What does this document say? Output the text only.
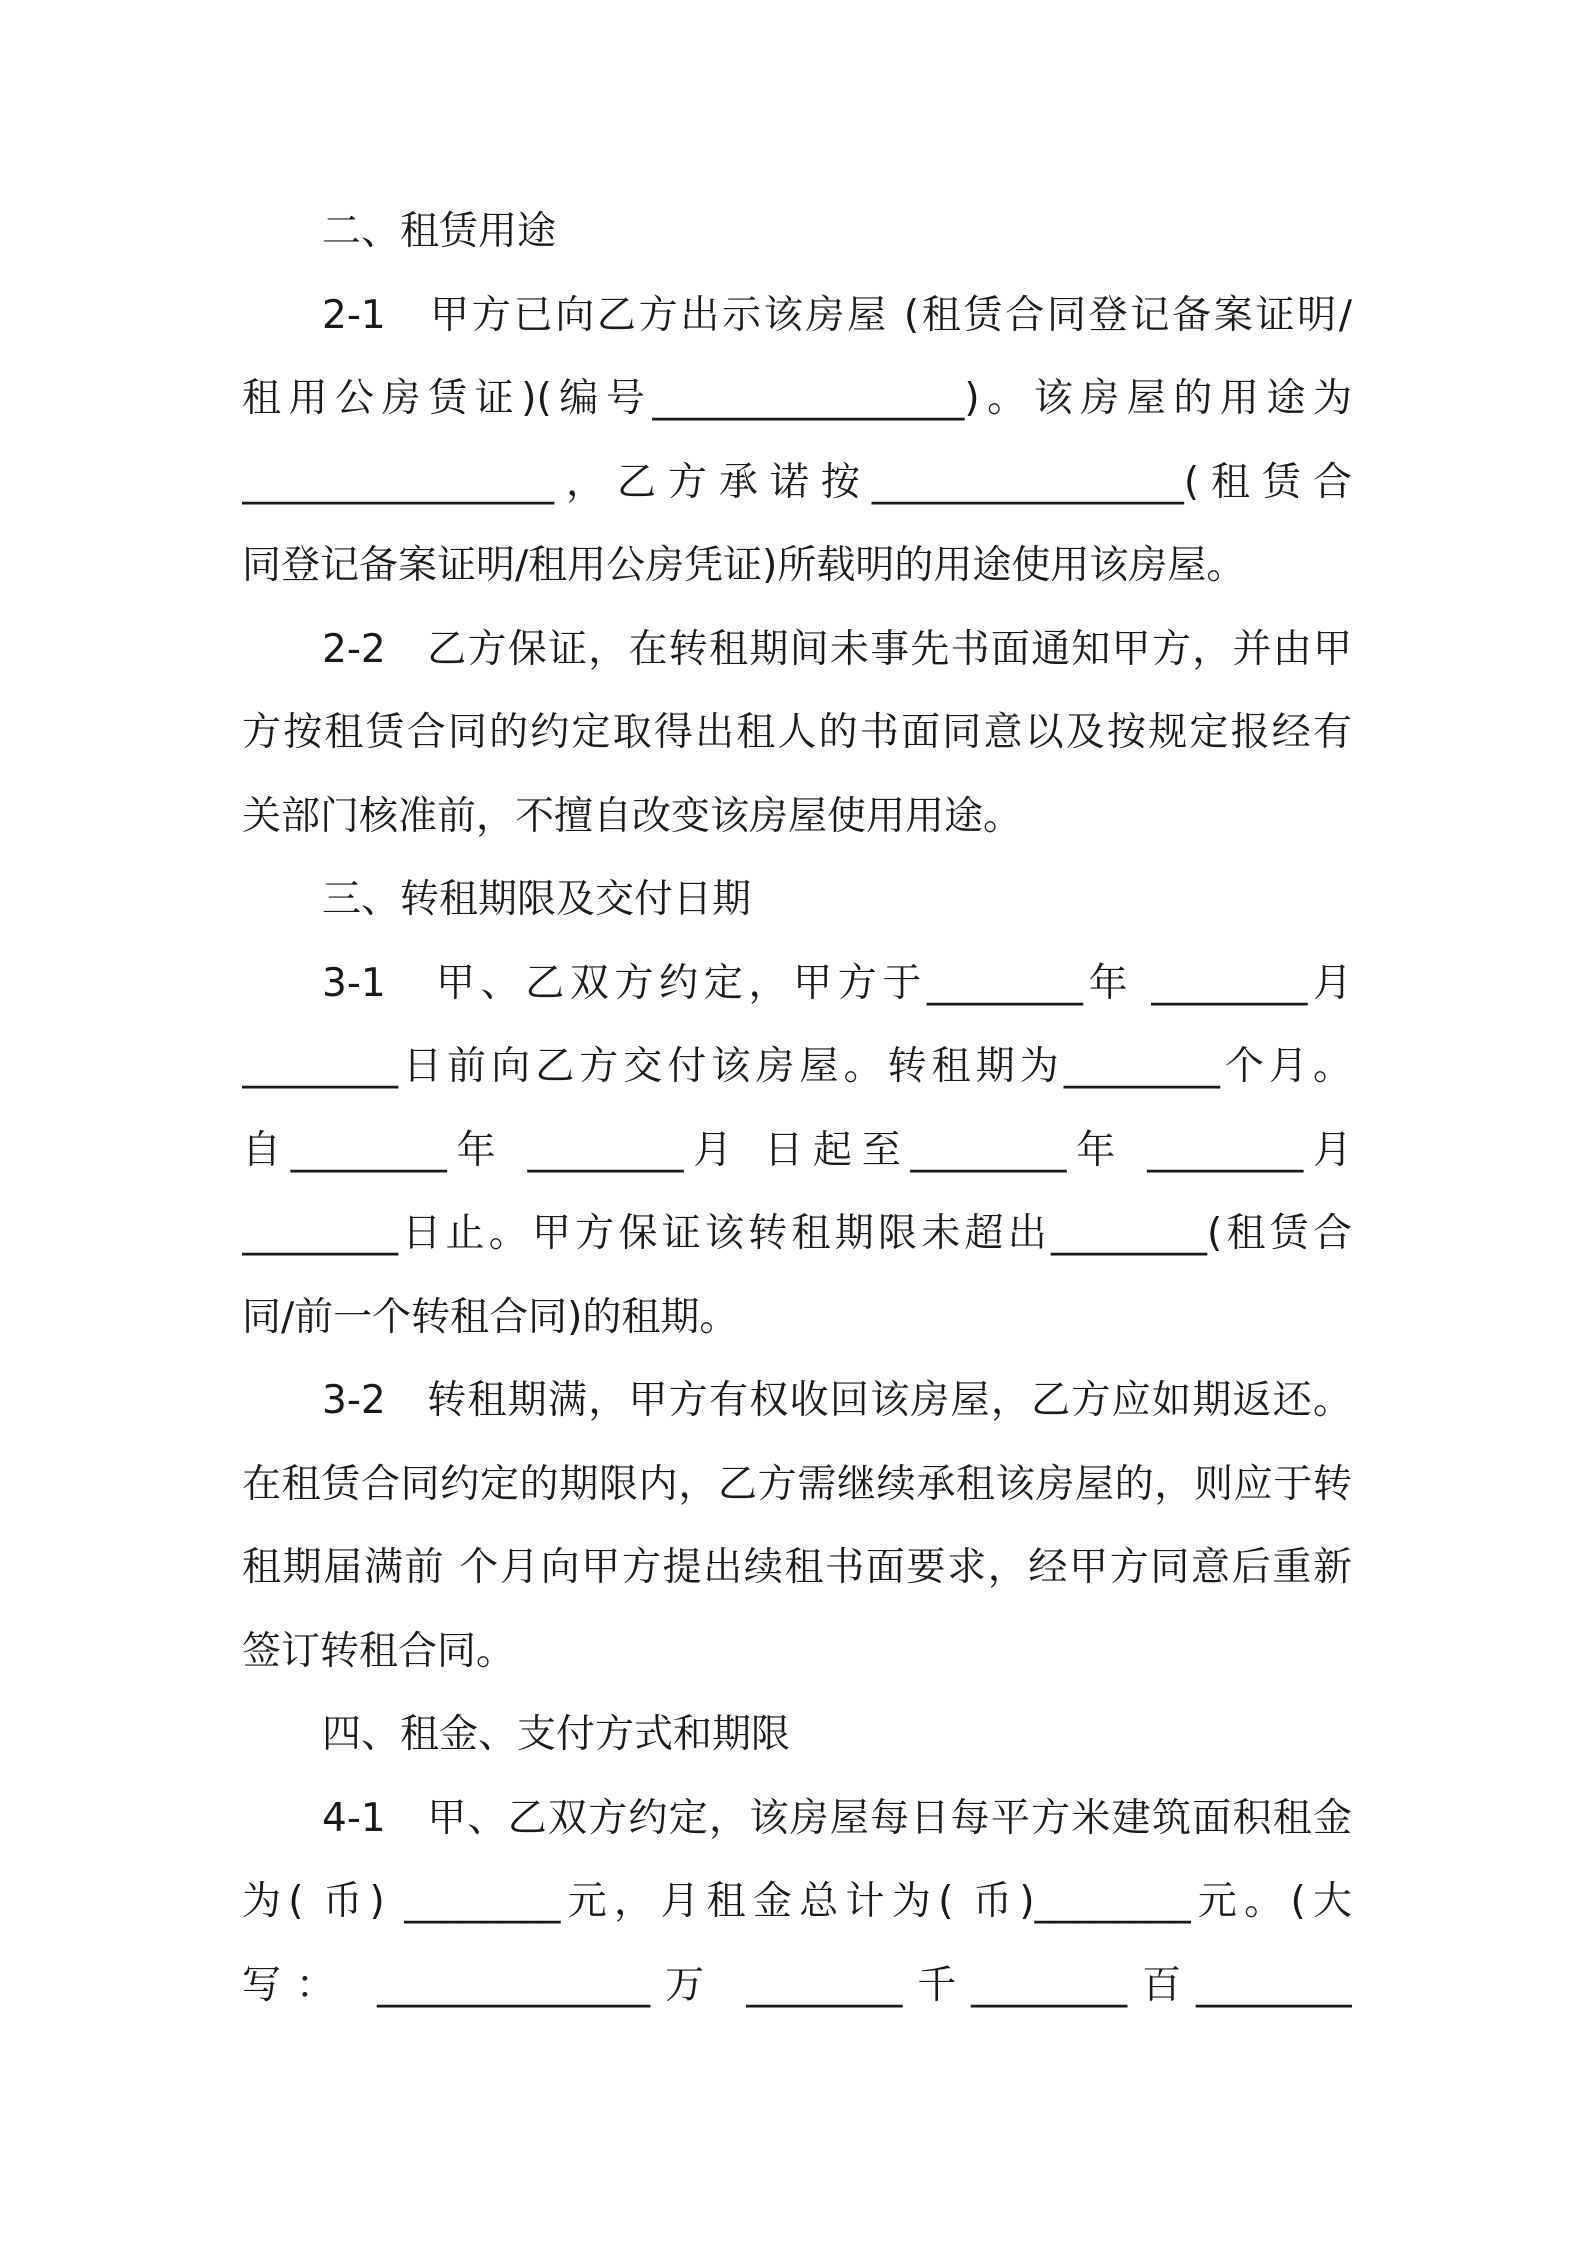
二、租赁用途
2-1　甲方已向乙方出示该房屋 (租赁合同登记备案证明/
租用公房赁证)(编号________________)。该房屋的用途为
________________，乙方承诺按________________(租赁合
同登记备案证明/租用公房凭证)所载明的用途使用该房屋。
2-2　乙方保证，在转租期间未事先书面通知甲方，并由甲
方按租赁合同的约定取得出租人的书面同意以及按规定报经有
关部门核准前，不擅自改变该房屋使用用途。
三、转租期限及交付日期
3-1　甲、乙双方约定，甲方于________年 ________月
________日前向乙方交付该房屋。转租期为________个月。
自________年 ________月 日起至________年 ________月
________日止。甲方保证该转租期限未超出________(租赁合
同/前一个转租合同)的租期。
3-2　转租期满，甲方有权收回该房屋，乙方应如期返还。
在租赁合同约定的期限内，乙方需继续承租该房屋的，则应于转
租期届满前 个月向甲方提出续租书面要求，经甲方同意后重新
签订转租合同。
四、租金、支付方式和期限
4-1　甲、乙双方约定，该房屋每日每平方米建筑面积租金
为( 币) ________元，月租金总计为( 币)________元。(大
写： ______________万 ________千________百________
